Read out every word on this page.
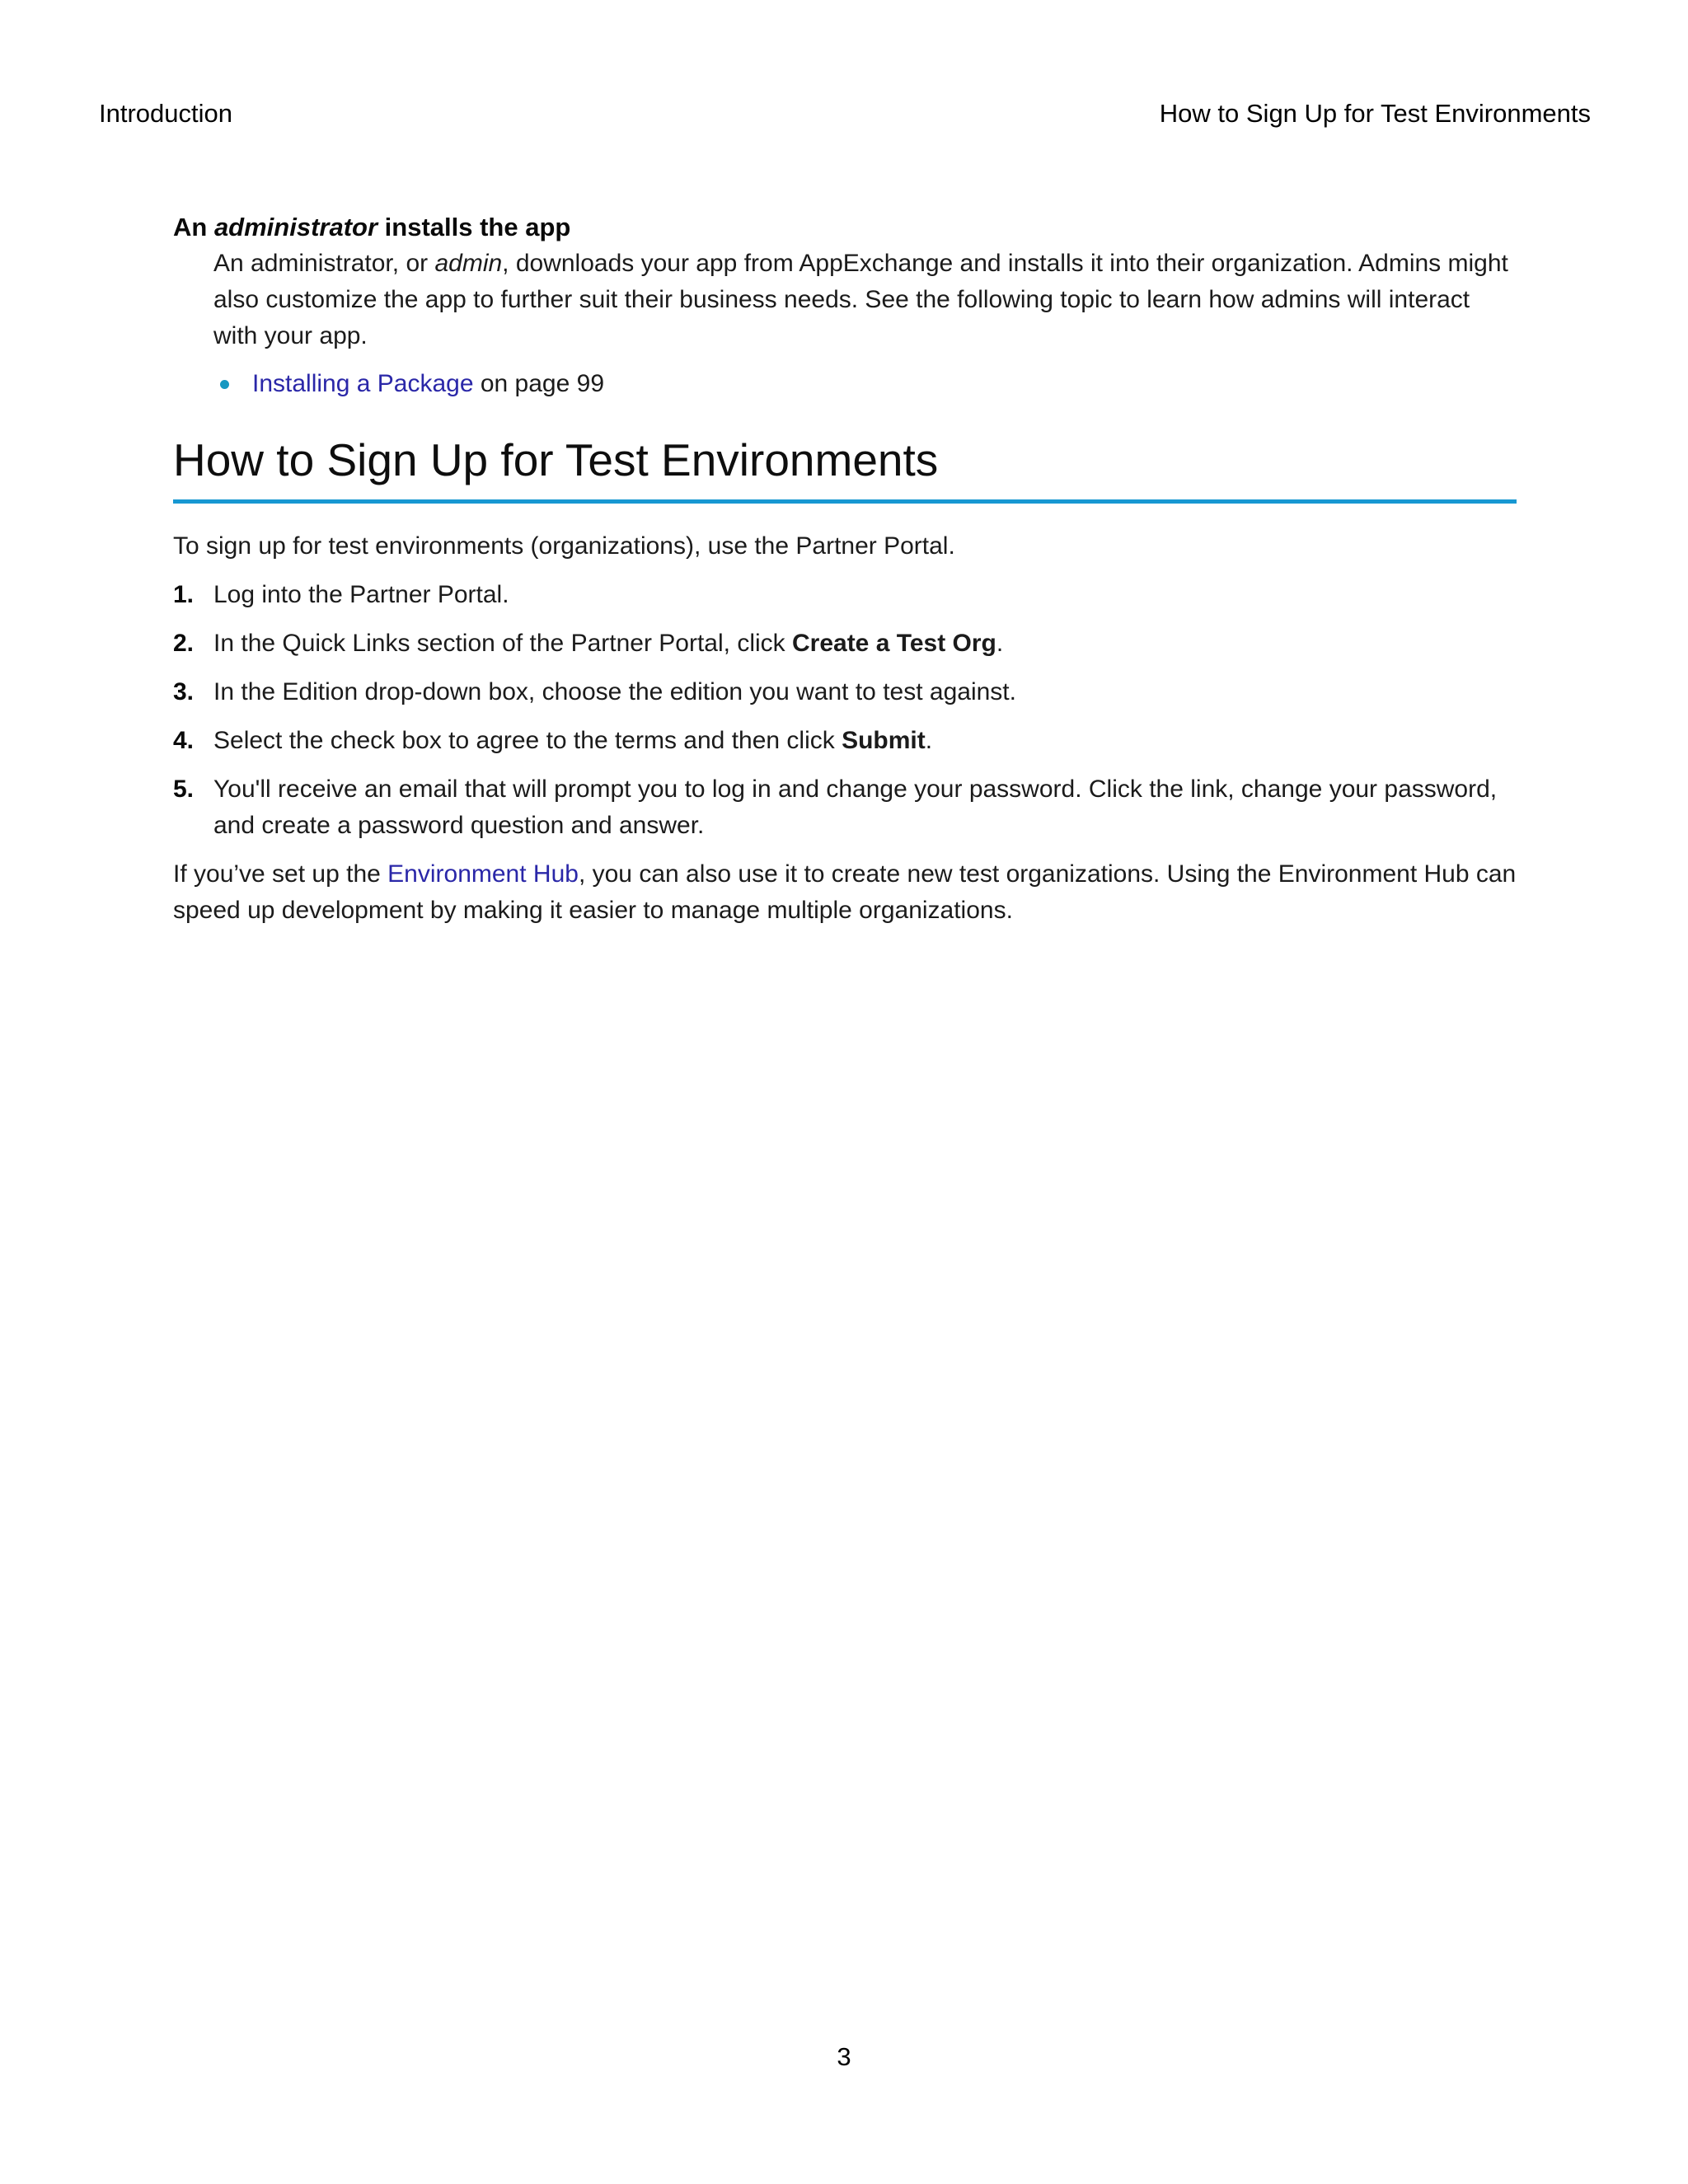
Introduction	How to Sign Up for Test Environments

An administrator installs the app

An administrator, or admin, downloads your app from AppExchange and installs it into their organization. Admins might also customize the app to further suit their business needs. See the following topic to learn how admins will interact with your app.

Installing a Package on page 99
How to Sign Up for Test Environments

To sign up for test environments (organizations), use the Partner Portal.

1. Log into the Partner Portal.
2. In the Quick Links section of the Partner Portal, click Create a Test Org.
3. In the Edition drop-down box, choose the edition you want to test against.
4. Select the check box to agree to the terms and then click Submit.
5. You'll receive an email that will prompt you to log in and change your password. Click the link, change your password, and create a password question and answer.

If you’ve set up the Environment Hub, you can also use it to create new test organizations. Using the Environment Hub can speed up development by making it easier to manage multiple organizations.

3
